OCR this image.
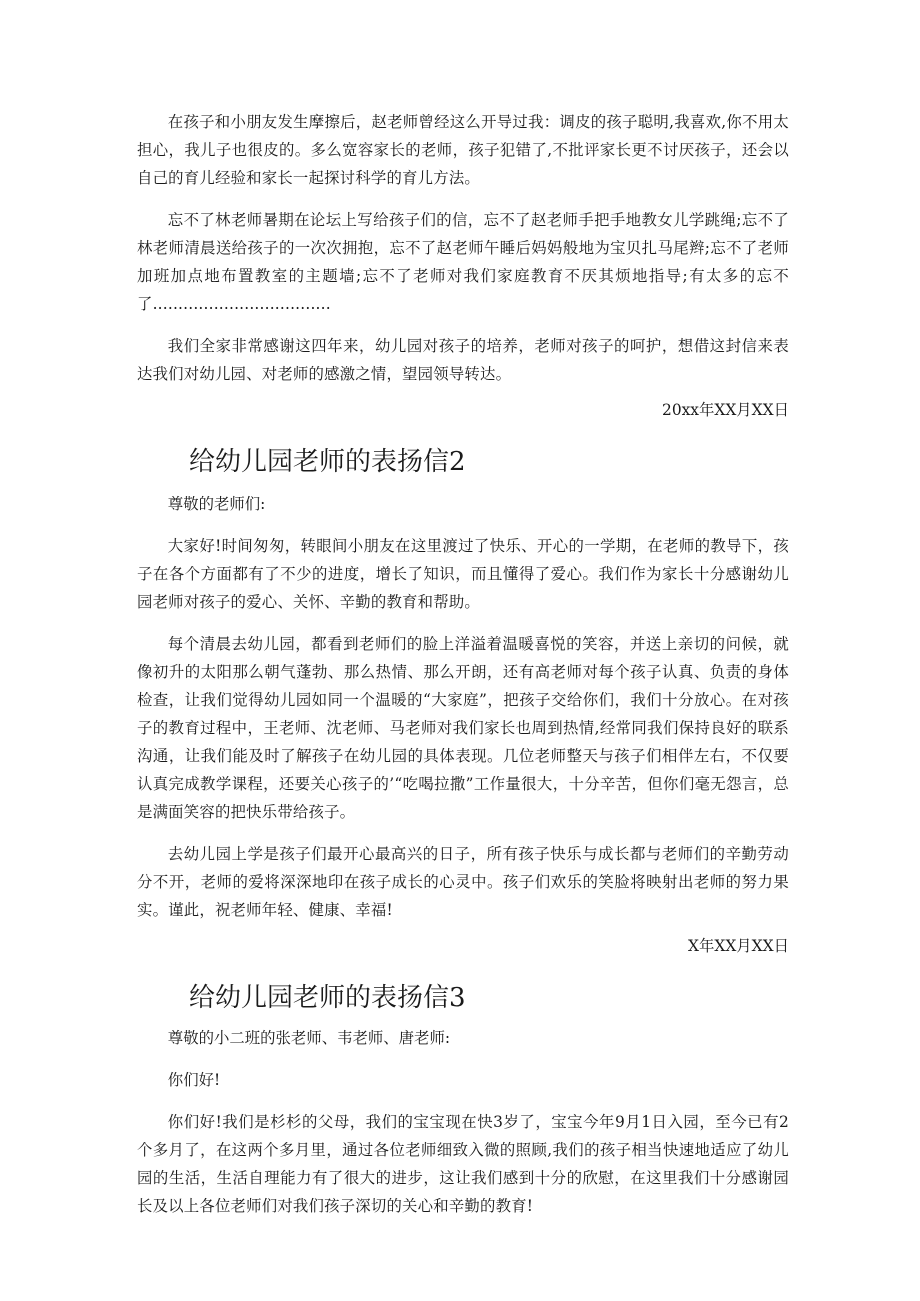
在孩子和小朋友发生摩擦后，赵老师曾经这么开导过我：调皮的孩子聪明,我喜欢,你不用太担心，我儿子也很皮的。多么宽容家长的老师，孩子犯错了,不批评家长更不讨厌孩子，还会以自己的育儿经验和家长一起探讨科学的育儿方法。

忘不了林老师暑期在论坛上写给孩子们的信，忘不了赵老师手把手地教女儿学跳绳;忘不了林老师清晨送给孩子的一次次拥抱，忘不了赵老师午睡后妈妈般地为宝贝扎马尾辫;忘不了老师加班加点地布置教室的主题墙;忘不了老师对我们家庭教育不厌其烦地指导;有太多的忘不了...................................

我们全家非常感谢这四年来，幼儿园对孩子的培养，老师对孩子的呵护，想借这封信来表达我们对幼儿园、对老师的感激之情，望园领导转达。

20xx年XX月XX日

给幼儿园老师的表扬信2

尊敬的老师们:

大家好!时间匆匆，转眼间小朋友在这里渡过了快乐、开心的一学期，在老师的教导下，孩子在各个方面都有了不少的进度，增长了知识，而且懂得了爱心。我们作为家长十分感谢幼儿园老师对孩子的爱心、关怀、辛勤的教育和帮助。

每个清晨去幼儿园，都看到老师们的脸上洋溢着温暖喜悦的笑容，并送上亲切的问候，就像初升的太阳那么朝气蓬勃、那么热情、那么开朗，还有高老师对每个孩子认真、负责的身体检查，让我们觉得幼儿园如同一个温暖的“大家庭”，把孩子交给你们，我们十分放心。在对孩子的教育过程中，王老师、沈老师、马老师对我们家长也周到热情,经常同我们保持良好的联系沟通，让我们能及时了解孩子在幼儿园的具体表现。几位老师整天与孩子们相伴左右，不仅要认真完成教学课程，还要关心孩子的’“吃喝拉撒”工作量很大，十分辛苦，但你们毫无怨言，总是满面笑容的把快乐带给孩子。

去幼儿园上学是孩子们最开心最高兴的日子，所有孩子快乐与成长都与老师们的辛勤劳动分不开，老师的爱将深深地印在孩子成长的心灵中。孩子们欢乐的笑脸将映射出老师的努力果实。谨此，祝老师年轻、健康、幸福!

X年XX月XX日

给幼儿园老师的表扬信3

尊敬的小二班的张老师、韦老师、唐老师:

你们好!

你们好!我们是杉杉的父母，我们的宝宝现在快3岁了，宝宝今年9月1日入园，至今已有2个多月了，在这两个多月里，通过各位老师细致入微的照顾,我们的孩子相当快速地适应了幼儿园的生活，生活自理能力有了很大的进步，这让我们感到十分的欣慰，在这里我们十分感谢园长及以上各位老师们对我们孩子深切的关心和辛勤的教育!
